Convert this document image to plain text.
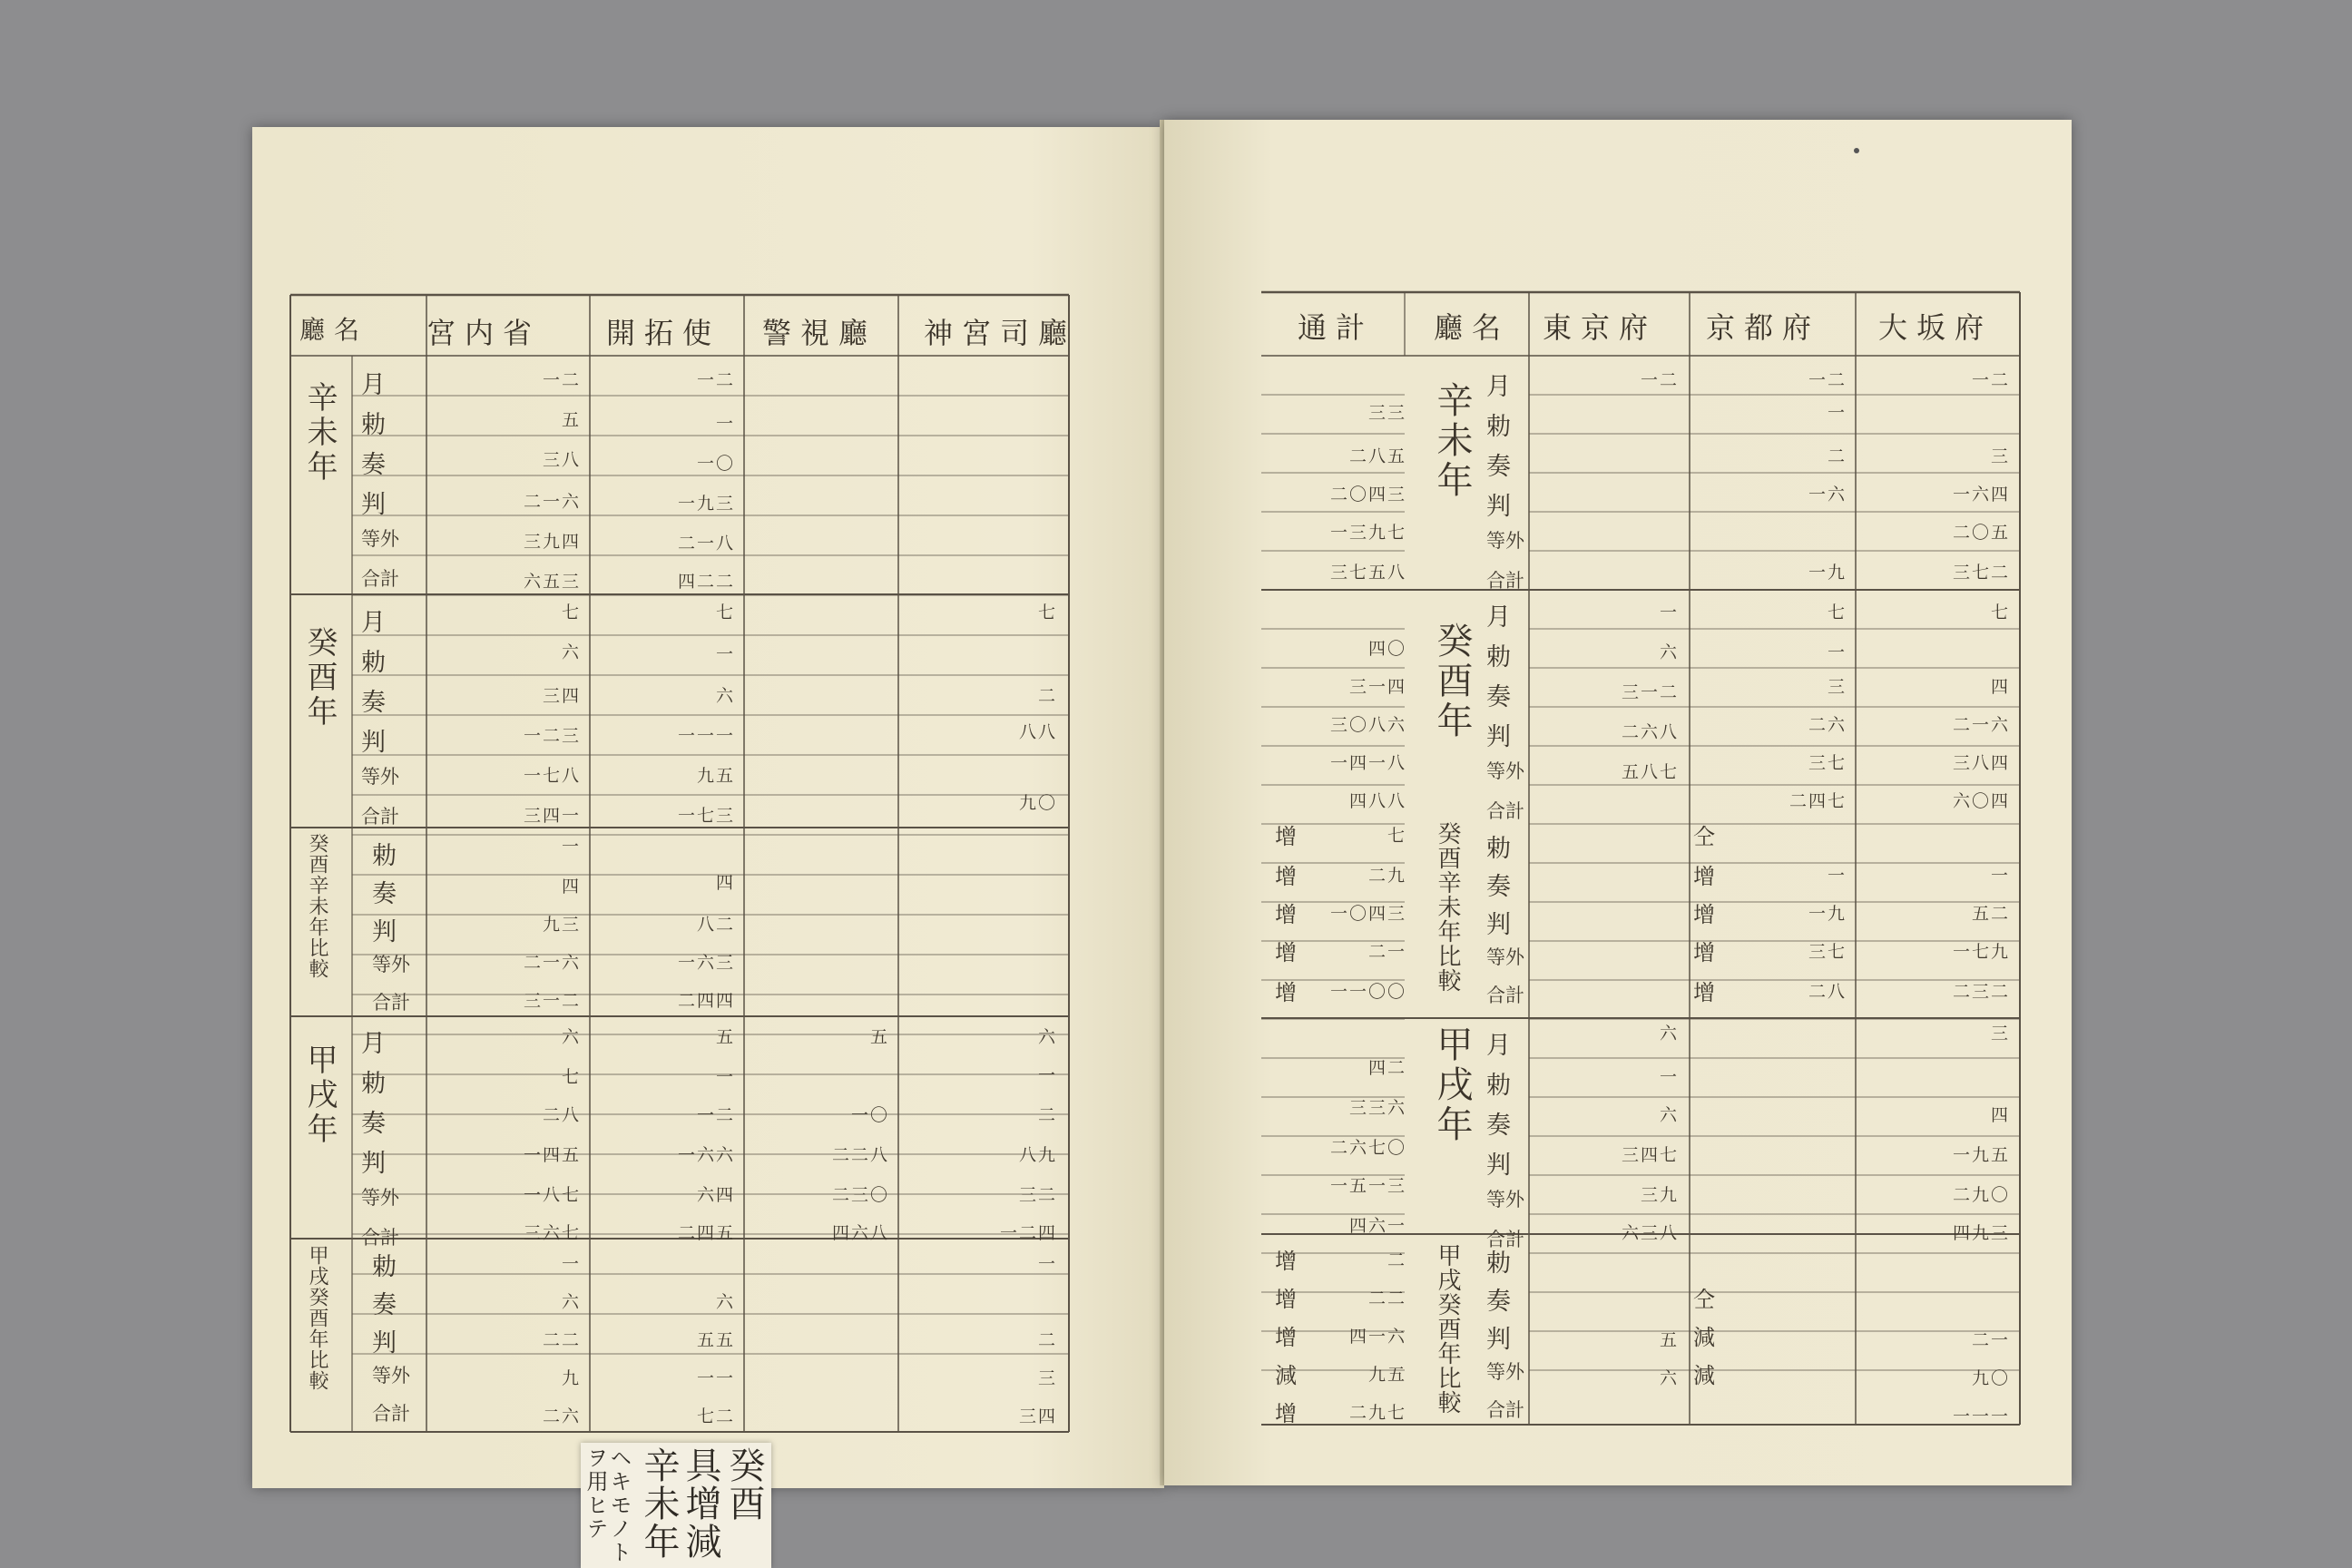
廳名 宮内省 開拓使 警視廳 神宮司廳
辛未年
癸酉年
甲戌年
癸酉辛未年比較
甲戌癸酉年比較
月
勅
奏
判
等外
合計
月
勅
奏
判
等外
合計
月
勅
奏
判
等外
合計
勅
奏
判
等外
合計
勅
奏
判
等外
合計
一二
五
三八
二一六
三九四
六五三
七
六
三四
一二三
一七八
三四一
一
四
九三
二一六
三一二
六
七
二八
一四五
一八七
三六七
一
六
二二
九
二六
一二
一
一〇
一九三
二一八
四二二
七
一
六
一一一
九五
一七三
四
八二
一六三
二四四
五
一
一二
一六六
六四
二四五
六
五五
一一
七二
五
一〇
二二八
二三〇
四六八
七
二
八八
九〇
六
一
二
八九
三二
一二四
一
二
三
三四
通計 廳名 東京府 京都府 大坂府
辛未年
癸酉年
甲戌年
癸酉辛未年比較
甲戌癸酉年比較
月
勅
奏
判
等外
合計
月
勅
奏
判
等外
合計
月
勅
奏
判
等外
合計
勅
奏
判
等外
合計
勅
奏
判
等外
合計
三三
二八五
二〇四三
一三九七
三七五八
四〇
三一四
三〇八六
一四一八
四八八
七
二九
一〇四三
二一
一一〇〇
四二
三三六
二六七〇
一五一三
四六一
二
二二
四一六
九五
二九七
一二
一
六
三一二
二六八
五八七
六
一
六
三四七
三九
六三八
五
六
一二
一
二
一六
一九
七
一
三
二六
三七
二四七
一
一九
三七
二八
一二
三
一六四
二〇五
三七二
七
四
二一六
三八四
六〇四
一
五二
一七九
二三二
三
四
一九五
二九〇
四九三
二一
九〇
一一一
增
增
增
增
增
增
增
增
減
增
仝
增
增
增
增
仝
減
減
癸酉
具增減
辛未年
ヘキモノト
ヲ用ヒテ
